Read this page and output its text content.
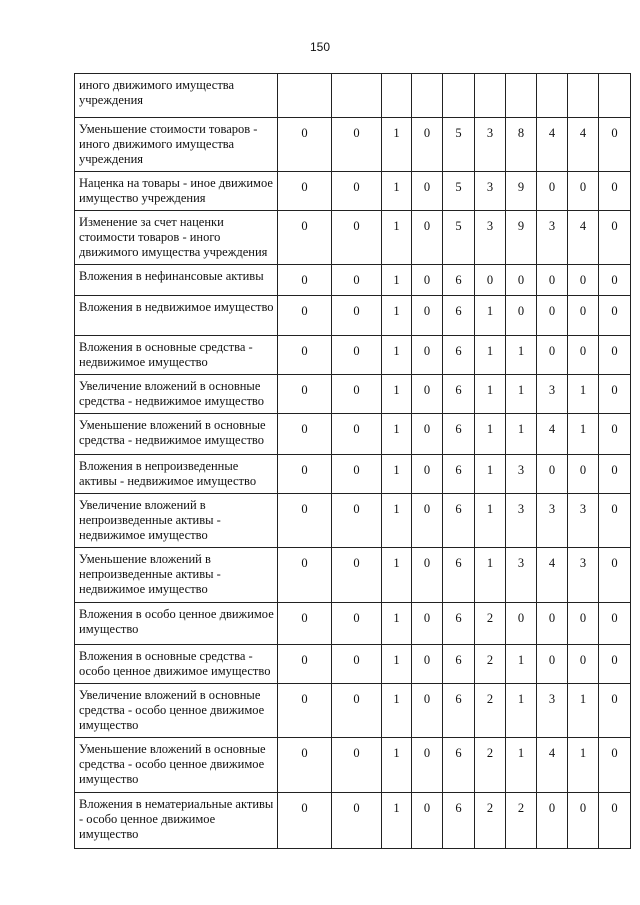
150
иного движимого имущества учреждения										
Уменьшение стоимости товаров - иного движимого имущества учреждения	0	0	1	0	5	3	8	4	4	0
Наценка на товары - иное движимое имущество учреждения	0	0	1	0	5	3	9	0	0	0
Изменение за счет наценки стоимости товаров - иного движимого имущества учреждения	0	0	1	0	5	3	9	3	4	0
Вложения в нефинансовые активы	0	0	1	0	6	0	0	0	0	0
Вложения в недвижимое имущество	0	0	1	0	6	1	0	0	0	0
Вложения в основные средства - недвижимое имущество	0	0	1	0	6	1	1	0	0	0
Увеличение вложений в основные средства - недвижимое имущество	0	0	1	0	6	1	1	3	1	0
Уменьшение вложений в основные средства - недвижимое имущество	0	0	1	0	6	1	1	4	1	0
Вложения в непроизведенные активы - недвижимое имущество	0	0	1	0	6	1	3	0	0	0
Увеличение вложений в непроизведенные активы - недвижимое имущество	0	0	1	0	6	1	3	3	3	0
Уменьшение вложений в непроизведенные активы - недвижимое имущество	0	0	1	0	6	1	3	4	3	0
Вложения в особо ценное движимое имущество	0	0	1	0	6	2	0	0	0	0
Вложения в основные средства - особо ценное движимое имущество	0	0	1	0	6	2	1	0	0	0
Увеличение вложений в основные средства - особо ценное движимое имущество	0	0	1	0	6	2	1	3	1	0
Уменьшение вложений в основные средства - особо ценное движимое имущество	0	0	1	0	6	2	1	4	1	0
Вложения в нематериальные активы - особо ценное движимое имущество	0	0	1	0	6	2	2	0	0	0
